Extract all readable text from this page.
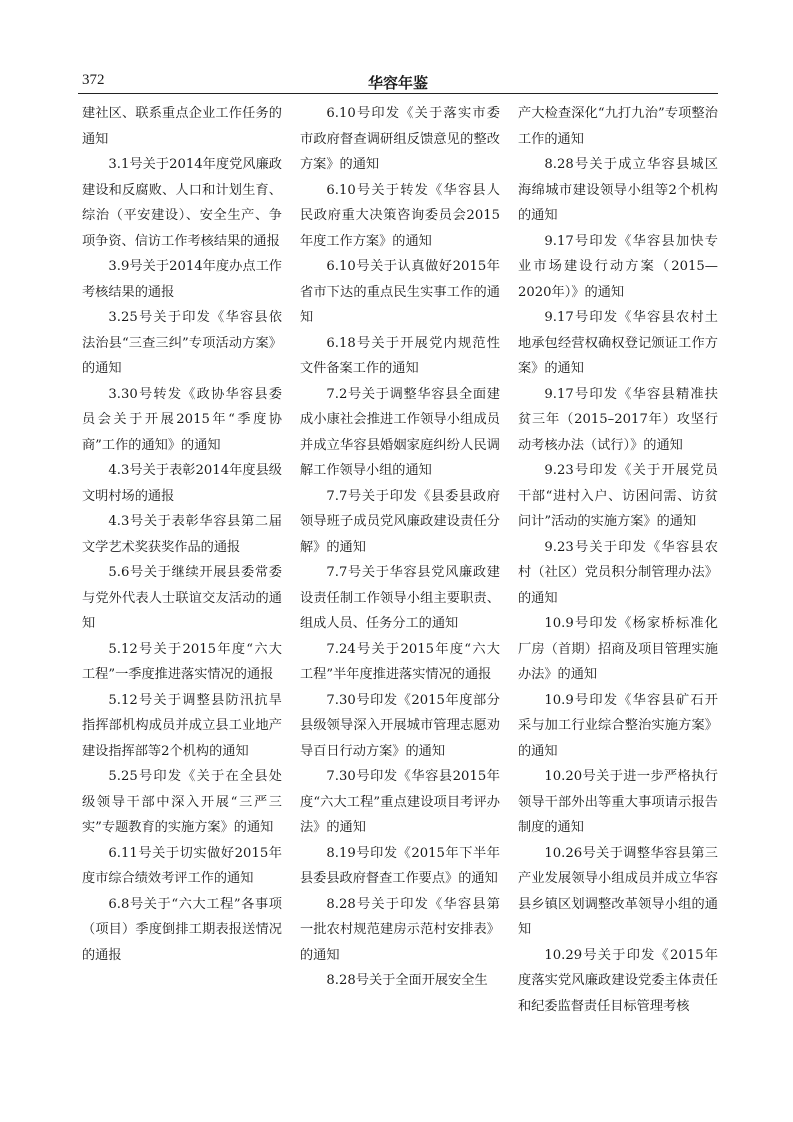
372	华容年鉴

建社区、联系重点企业工作任务的通知

3.1号关于2014年度党风廉政建设和反腐败、人口和计划生育、综治（平安建设）、安全生产、争项争资、信访工作考核结果的通报

3.9号关于2014年度办点工作考核结果的通报

3.25号关于印发《华容县依法治县“三查三纠”专项活动方案》的通知

3.30号转发《政协华容县委员会关于开展2015年“季度协商”工作的通知》的通知

4.3号关于表彰2014年度县级文明村场的通报

4.3号关于表彰华容县第二届文学艺术奖获奖作品的通报

5.6号关于继续开展县委常委与党外代表人士联谊交友活动的通知

5.12号关于2015年度“六大工程”一季度推进落实情况的通报

5.12号关于调整县防汛抗旱指挥部机构成员并成立县工业地产建设指挥部等2个机构的通知

5.25号印发《关于在全县处级领导干部中深入开展“三严三实”专题教育的实施方案》的通知

6.11号关于切实做好2015年度市综合绩效考评工作的通知

6.8号关于“六大工程”各事项（项目）季度倒排工期表报送情况的通报

6.10号印发《关于落实市委市政府督查调研组反馈意见的整改方案》的通知

6.10号关于转发《华容县人民政府重大决策咨询委员会2015年度工作方案》的通知

6.10号关于认真做好2015年省市下达的重点民生实事工作的通知

6.18号关于开展党内规范性文件备案工作的通知

7.2号关于调整华容县全面建成小康社会推进工作领导小组成员并成立华容县婚姻家庭纠纷人民调解工作领导小组的通知

7.7号关于印发《县委县政府领导班子成员党风廉政建设责任分解》的通知

7.7号关于华容县党风廉政建设责任制工作领导小组主要职责、组成人员、任务分工的通知

7.24号关于2015年度“六大工程”半年度推进落实情况的通报

7.30号印发《2015年度部分县级领导深入开展城市管理志愿劝导百日行动方案》的通知

7.30号印发《华容县2015年度“六大工程”重点建设项目考评办法》的通知

8.19号印发《2015年下半年县委县政府督查工作要点》的通知

8.28号关于印发《华容县第一批农村规范建房示范村安排表》的通知

8.28号关于全面开展安全生

产大检查深化“九打九治”专项整治工作的通知

8.28号关于成立华容县城区海绵城市建设领导小组等2个机构的通知

9.17号印发《华容县加快专业市场建设行动方案（2015—2020年）》的通知

9.17号印发《华容县农村土地承包经营权确权登记颁证工作方案》的通知

9.17号印发《华容县精准扶贫三年（2015–2017年）攻坚行动考核办法（试行）》的通知

9.23号印发《关于开展党员干部“进村入户、访困问需、访贫问计”活动的实施方案》的通知

9.23号关于印发《华容县农村（社区）党员积分制管理办法》的通知

10.9号印发《杨家桥标准化厂房（首期）招商及项目管理实施办法》的通知

10.9号印发《华容县矿石开采与加工行业综合整治实施方案》的通知

10.20号关于进一步严格执行领导干部外出等重大事项请示报告制度的通知

10.26号关于调整华容县第三产业发展领导小组成员并成立华容县乡镇区划调整改革领导小组的通知

10.29号关于印发《2015年度落实党风廉政建设党委主体责任和纪委监督责任目标管理考核
